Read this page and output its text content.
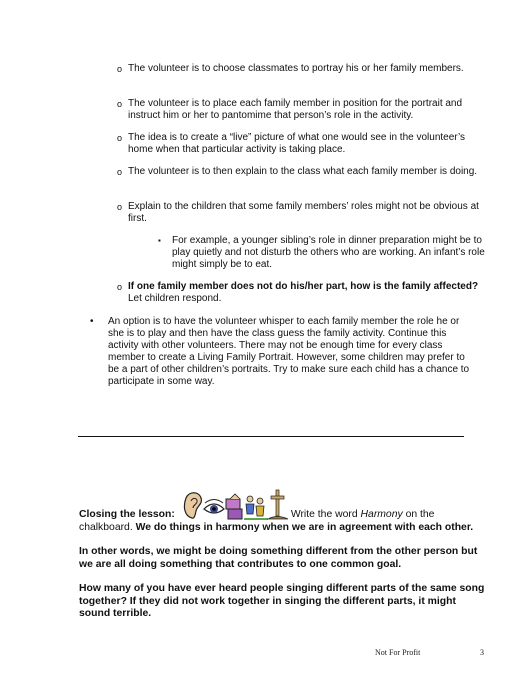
o The volunteer is to choose classmates to portray his or her family members.
o The volunteer is to place each family member in position for the portrait and instruct him or her to pantomime that person’s role in the activity.
o The idea is to create a “live” picture of what one would see in the volunteer’s home when that particular activity is taking place.
o The volunteer is to then explain to the class what each family member is doing.
o Explain to the children that some family members’ roles might not be obvious at first.
▪ For example, a younger sibling’s role in dinner preparation might be to play quietly and not disturb the others who are working. An infant’s role might simply be to eat.
o If one family member does not do his/her part, how is the family affected? Let children respond.
• An option is to have the volunteer whisper to each family member the role he or she is to play and then have the class guess the family activity. Continue this activity with other volunteers. There may not be enough time for every class member to create a Living Family Portrait. However, some children may prefer to be a part of other children’s portraits. Try to make sure each child has a chance to participate in some way.
Closing the lesson:	Write the word Harmony on the chalkboard. We do things in harmony when we are in agreement with each other.
In other words, we might be doing something different from the other person but we are all doing something that contributes to one common goal.
How many of you have ever heard people singing different parts of the same song together? If they did not work together in singing the different parts, it might sound terrible.
Not For Profit	3
